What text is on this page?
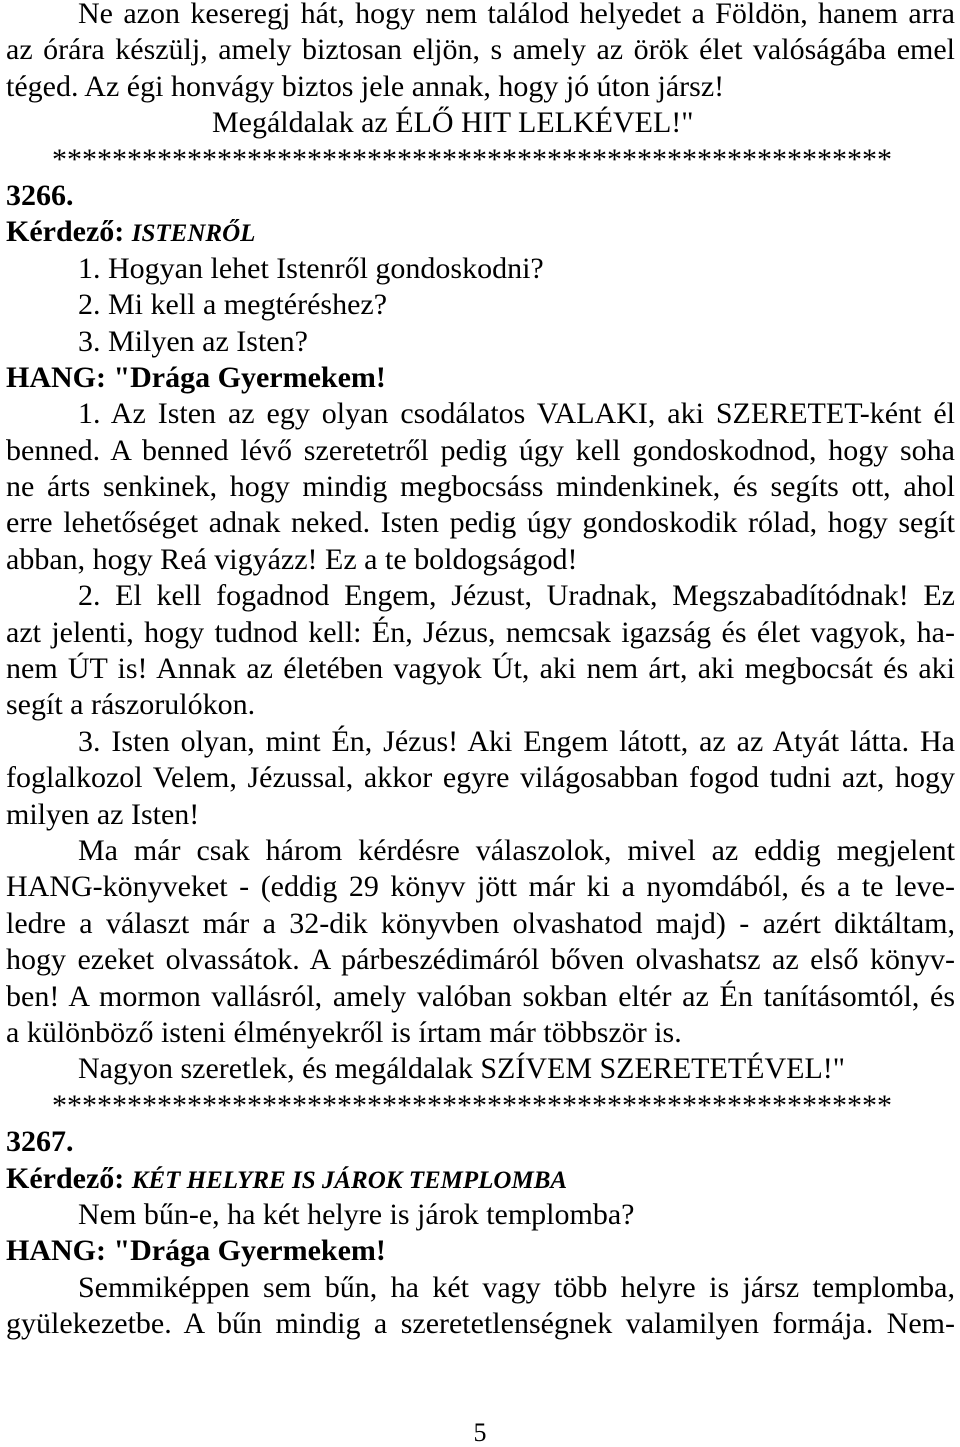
Ne azon keseregj hát, hogy nem találod helyedet a Földön, hanem arra
az órára készülj, amely biztosan eljön, s amely az örök élet valóságába emel
téged. Az égi honvágy biztos jele annak, hogy jó úton jársz!
Megáldalak az ÉLŐ HIT LELKÉVEL!"
********************************************************
3266.
Kérdező: ISTENRŐL
1. Hogyan lehet Istenről gondoskodni?
2. Mi kell a megtéréshez?
3. Milyen az Isten?
HANG: "Drága Gyermekem!
1. Az Isten az egy olyan csodálatos VALAKI, aki SZERETET-ként él
benned. A benned lévő szeretetről pedig úgy kell gondoskodnod, hogy soha
ne árts senkinek, hogy mindig megbocsáss mindenkinek, és segíts ott, ahol
erre lehetőséget adnak neked. Isten pedig úgy gondoskodik rólad, hogy segít
abban, hogy Reá vigyázz! Ez a te boldogságod!
2. El kell fogadnod Engem, Jézust, Uradnak, Megszabadítódnak! Ez
azt jelenti, hogy tudnod kell: Én, Jézus, nemcsak igazság és élet vagyok, ha-
nem ÚT is! Annak az életében vagyok Út, aki nem árt, aki megbocsát és aki
segít a rászorulókon.
3. Isten olyan, mint Én, Jézus! Aki Engem látott, az az Atyát látta. Ha
foglalkozol Velem, Jézussal, akkor egyre világosabban fogod tudni azt, hogy
milyen az Isten!
Ma már csak három kérdésre válaszolok, mivel az eddig megjelent
HANG-könyveket - (eddig 29 könyv jött már ki a nyomdából, és a te leve-
ledre a választ már a 32-dik könyvben olvashatod majd) - azért diktáltam,
hogy ezeket olvassátok. A párbeszédimáról bőven olvashatsz az első könyv-
ben! A mormon vallásról, amely valóban sokban eltér az Én tanításomtól, és
a különböző isteni élményekről is írtam már többször is.
Nagyon szeretlek, és megáldalak SZÍVEM SZERETETÉVEL!"
********************************************************
3267.
Kérdező: KÉT HELYRE IS JÁROK TEMPLOMBA
Nem bűn-e, ha két helyre is járok templomba?
HANG: "Drága Gyermekem!
Semmiképpen sem bűn, ha két vagy több helyre is jársz templomba,
gyülekezetbe. A bűn mindig a szeretetlenségnek valamilyen formája. Nem-
5
